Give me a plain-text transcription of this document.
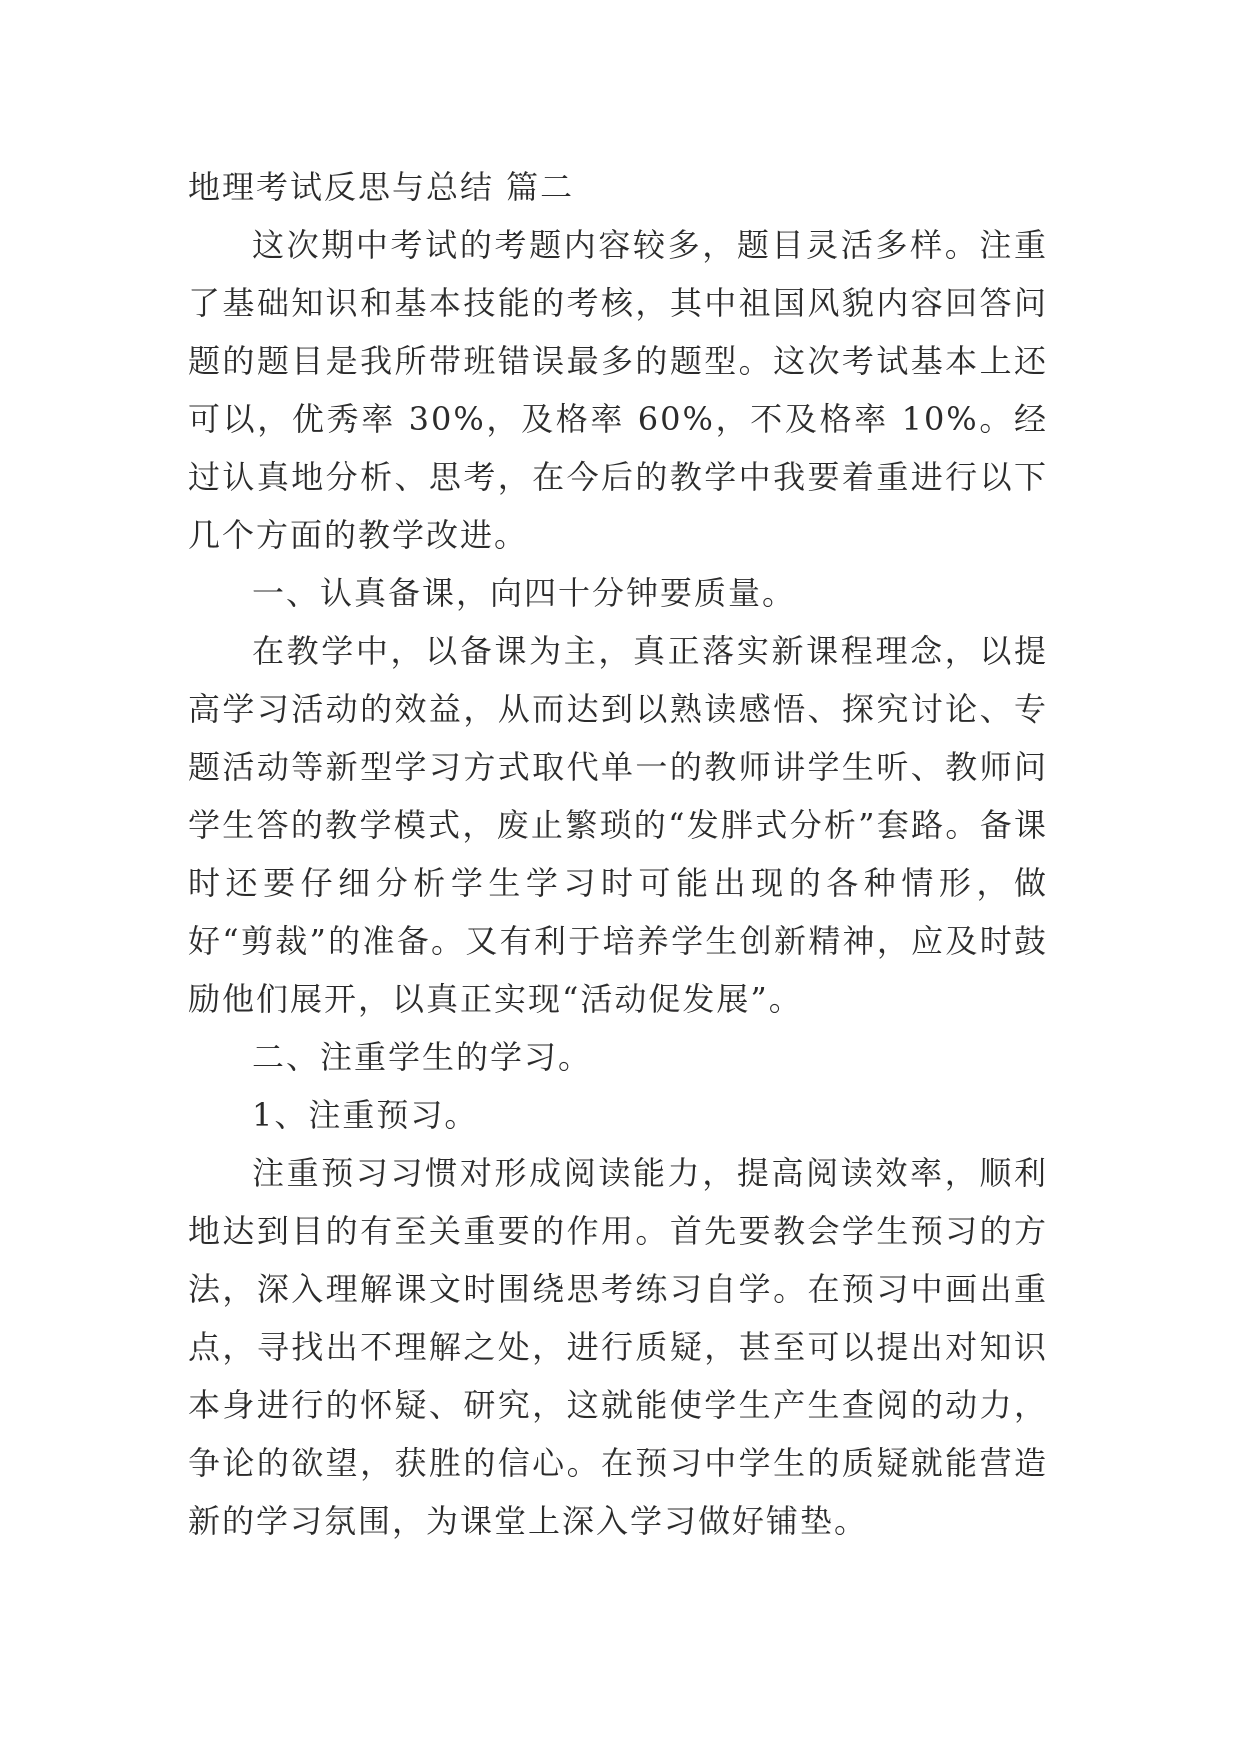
地理考试反思与总结 篇二

这次期中考试的考题内容较多，题目灵活多样。注重了基础知识和基本技能的考核，其中祖国风貌内容回答问题的题目是我所带班错误最多的题型。这次考试基本上还可以，优秀率 30%，及格率 60%，不及格率 10%。经过认真地分析、思考，在今后的教学中我要着重进行以下几个方面的教学改进。

一、认真备课，向四十分钟要质量。

在教学中，以备课为主，真正落实新课程理念，以提高学习活动的效益，从而达到以熟读感悟、探究讨论、专题活动等新型学习方式取代单一的教师讲学生听、教师问学生答的教学模式，废止繁琐的“发胖式分析”套路。备课时还要仔细分析学生学习时可能出现的各种情形，做好“剪裁”的准备。又有利于培养学生创新精神，应及时鼓励他们展开，以真正实现“活动促发展”。

二、注重学生的学习。

1、注重预习。

注重预习习惯对形成阅读能力，提高阅读效率，顺利地达到目的有至关重要的作用。首先要教会学生预习的方法，深入理解课文时围绕思考练习自学。在预习中画出重点，寻找出不理解之处，进行质疑，甚至可以提出对知识本身进行的怀疑、研究，这就能使学生产生查阅的动力，争论的欲望，获胜的信心。在预习中学生的质疑就能营造新的学习氛围，为课堂上深入学习做好铺垫。
